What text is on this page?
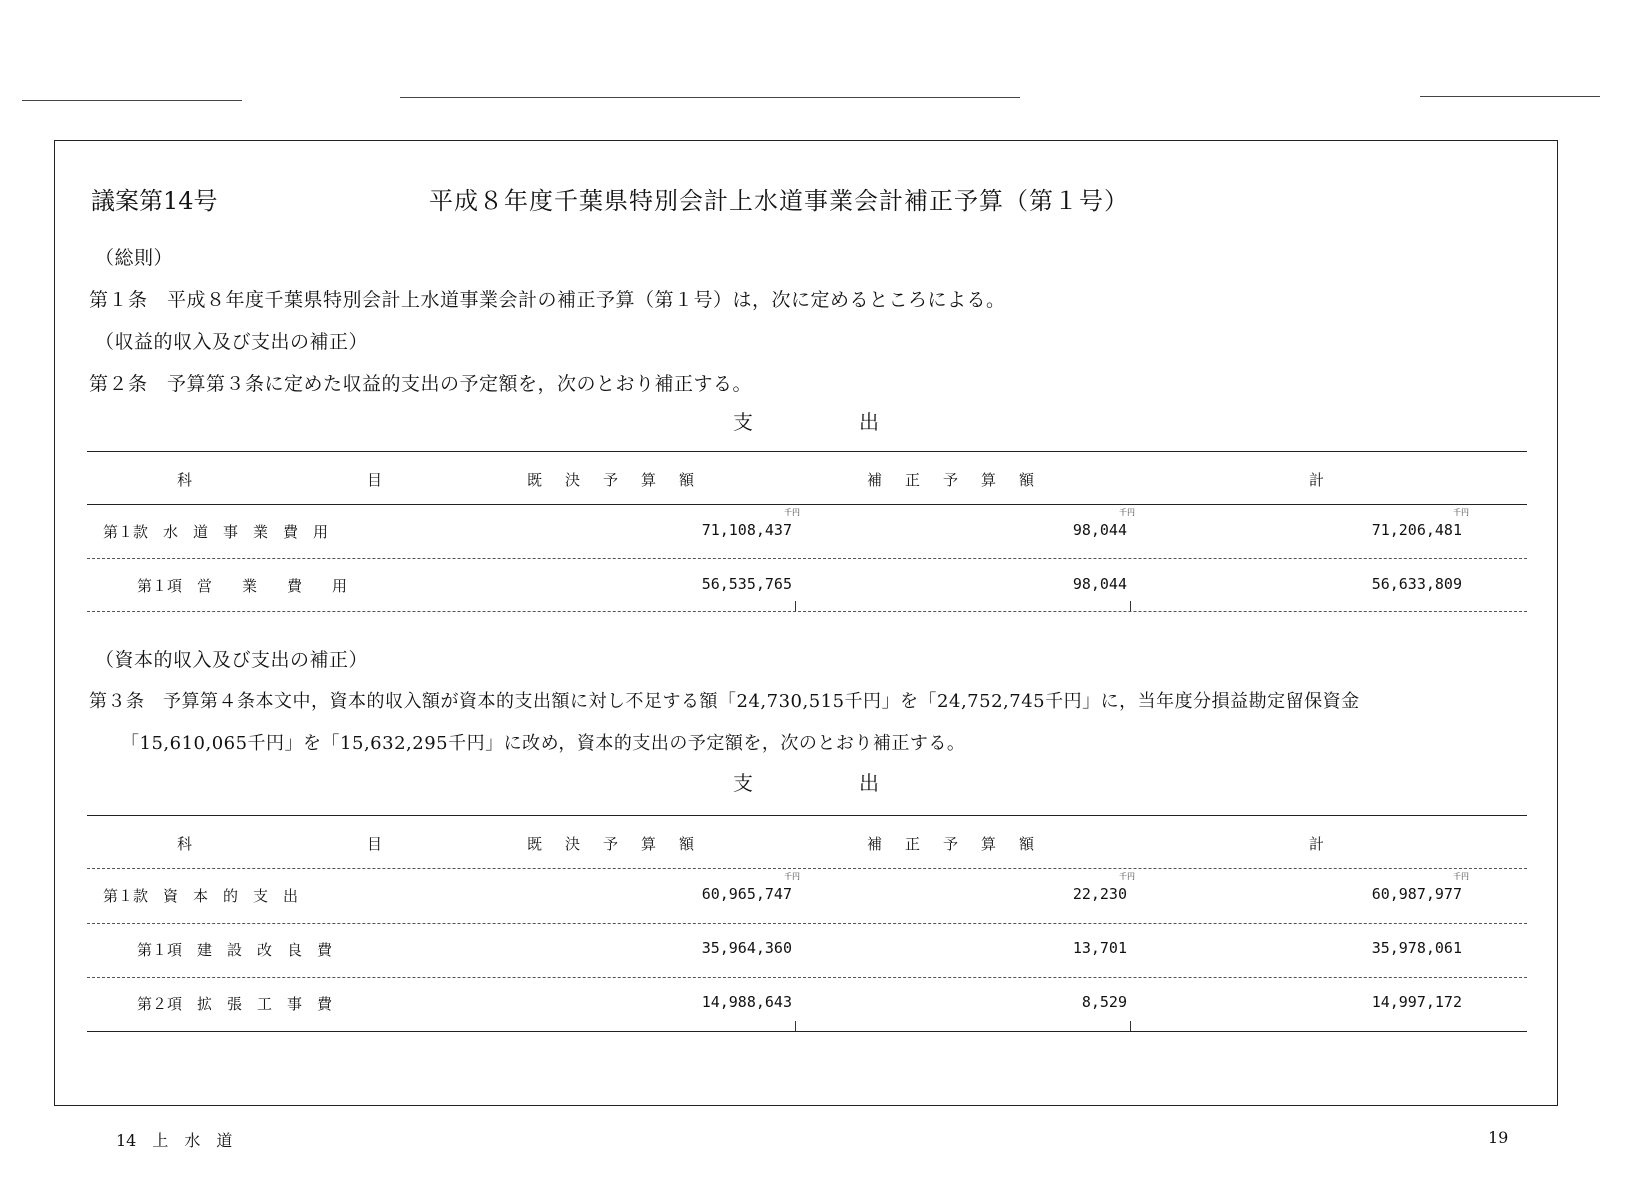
議案第14号	平成８年度千葉県特別会計上水道事業会計補正予算（第１号）
（総則）
第１条　平成８年度千葉県特別会計上水道事業会計の補正予算（第１号）は，次に定めるところによる。
（収益的収入及び支出の補正）
第２条　予算第３条に定めた収益的支出の予定額を，次のとおり補正する。
支	出
科	目	既　決　予　算　額	補　正　予　算　額	計
千円	千円	千円
第１款　水　道　事　業　費　用	71,108,437	98,044	71,206,481
第１項　営　　業　　費　　用	56,535,765	98,044	56,633,809
（資本的収入及び支出の補正）
第３条　予算第４条本文中，資本的収入額が資本的支出額に対し不足する額「24,730,515千円」を「24,752,745千円」に，当年度分損益勘定留保資金
「15,610,065千円」を「15,632,295千円」に改め，資本的支出の予定額を，次のとおり補正する。
支	出
科	目	既　決　予　算　額	補　正　予　算　額	計
千円	千円	千円
第１款　資　本　的　支　出	60,965,747	22,230	60,987,977
第１項　建　設　改　良　費	35,964,360	13,701	35,978,061
第２項　拡　張　工　事　費	14,988,643	8,529	14,997,172
14　上　水　道	19
